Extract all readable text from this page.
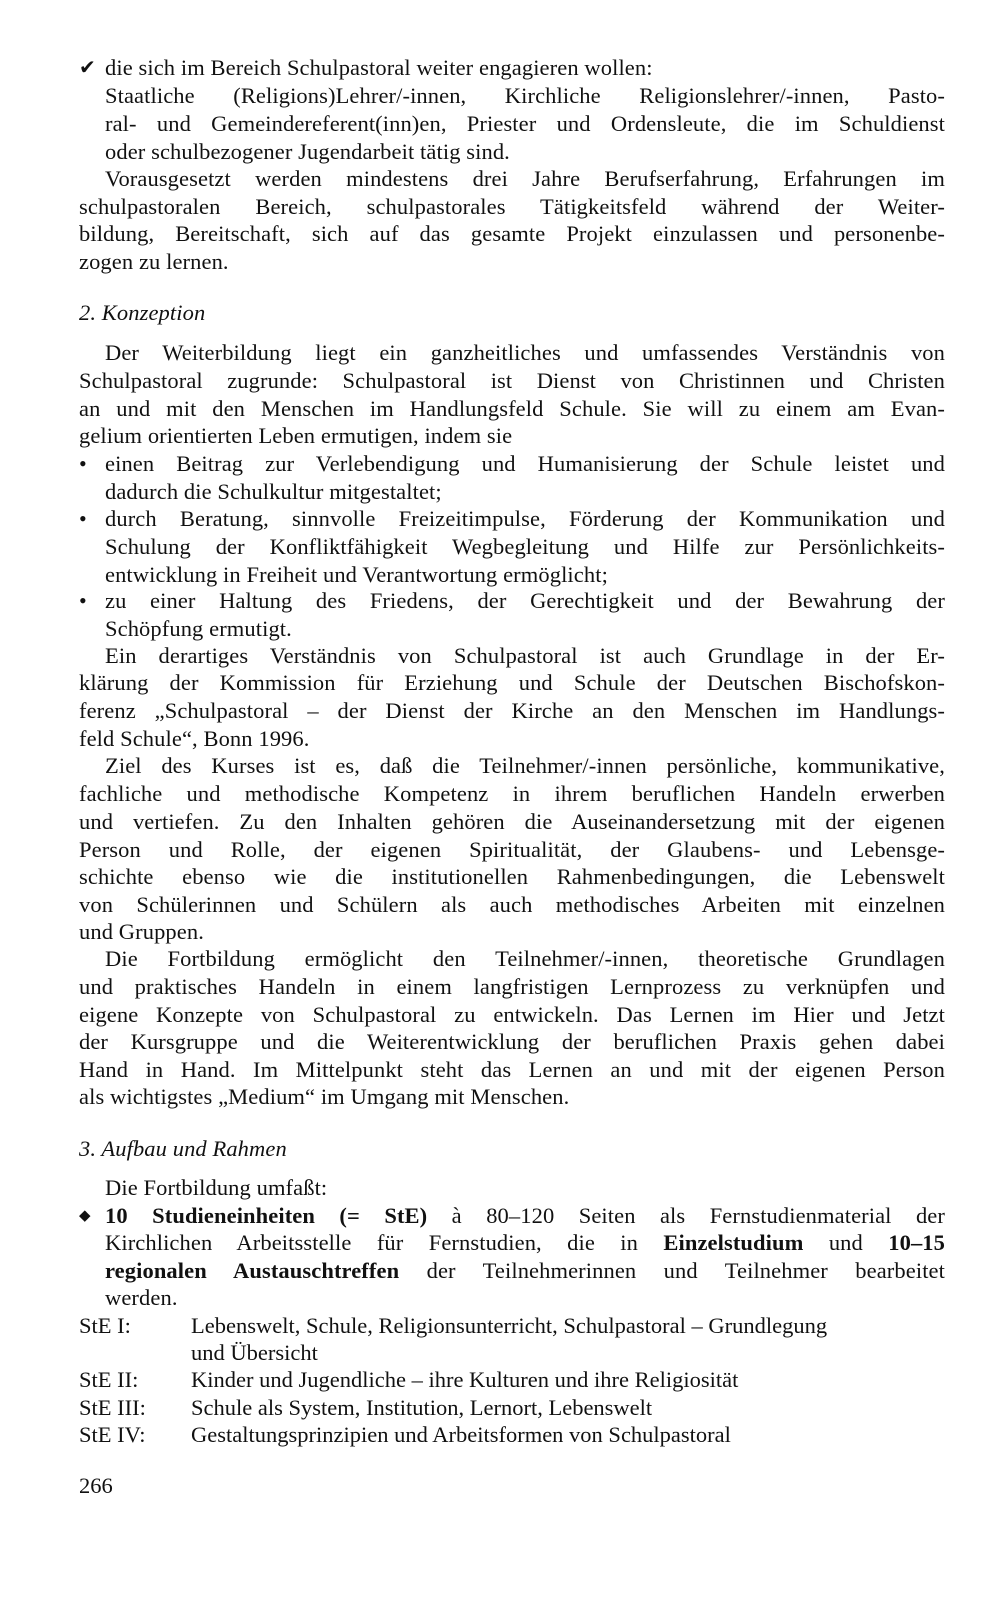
✔ die sich im Bereich Schulpastoral weiter engagieren wollen:
Staatliche (Religions)Lehrer/-innen, Kirchliche Religionslehrer/-innen, Pasto-
ral- und Gemeindereferent(inn)en, Priester und Ordensleute, die im Schuldienst
oder schulbezogener Jugendarbeit tätig sind.
Vorausgesetzt werden mindestens drei Jahre Berufserfahrung, Erfahrungen im
schulpastoralen Bereich, schulpastorales Tätigkeitsfeld während der Weiter-
bildung, Bereitschaft, sich auf das gesamte Projekt einzulassen und personenbe-
zogen zu lernen.
2. Konzeption
Der Weiterbildung liegt ein ganzheitliches und umfassendes Verständnis von
Schulpastoral zugrunde: Schulpastoral ist Dienst von Christinnen und Christen
an und mit den Menschen im Handlungsfeld Schule. Sie will zu einem am Evan-
gelium orientierten Leben ermutigen, indem sie
• einen Beitrag zur Verlebendigung und Humanisierung der Schule leistet und
dadurch die Schulkultur mitgestaltet;
• durch Beratung, sinnvolle Freizeitimpulse, Förderung der Kommunikation und
Schulung der Konfliktfähigkeit Wegbegleitung und Hilfe zur Persönlichkeits-
entwicklung in Freiheit und Verantwortung ermöglicht;
• zu einer Haltung des Friedens, der Gerechtigkeit und der Bewahrung der
Schöpfung ermutigt.
Ein derartiges Verständnis von Schulpastoral ist auch Grundlage in der Er-
klärung der Kommission für Erziehung und Schule der Deutschen Bischofskon-
ferenz „Schulpastoral – der Dienst der Kirche an den Menschen im Handlungs-
feld Schule“, Bonn 1996.
Ziel des Kurses ist es, daß die Teilnehmer/-innen persönliche, kommunikative,
fachliche und methodische Kompetenz in ihrem beruflichen Handeln erwerben
und vertiefen. Zu den Inhalten gehören die Auseinandersetzung mit der eigenen
Person und Rolle, der eigenen Spiritualität, der Glaubens- und Lebensge-
schichte ebenso wie die institutionellen Rahmenbedingungen, die Lebenswelt
von Schülerinnen und Schülern als auch methodisches Arbeiten mit einzelnen
und Gruppen.
Die Fortbildung ermöglicht den Teilnehmer/-innen, theoretische Grundlagen
und praktisches Handeln in einem langfristigen Lernprozess zu verknüpfen und
eigene Konzepte von Schulpastoral zu entwickeln. Das Lernen im Hier und Jetzt
der Kursgruppe und die Weiterentwicklung der beruflichen Praxis gehen dabei
Hand in Hand. Im Mittelpunkt steht das Lernen an und mit der eigenen Person
als wichtigstes „Medium“ im Umgang mit Menschen.
3. Aufbau und Rahmen
Die Fortbildung umfaßt:
◆ 10 Studieneinheiten (= StE) à 80–120 Seiten als Fernstudienmaterial der
Kirchlichen Arbeitsstelle für Fernstudien, die in Einzelstudium und 10–15
regionalen Austauschtreffen der Teilnehmerinnen und Teilnehmer bearbeitet
werden.
StE I:	Lebenswelt, Schule, Religionsunterricht, Schulpastoral – Grundlegung
und Übersicht
StE II: Kinder und Jugendliche – ihre Kulturen und ihre Religiosität
StE III: Schule als System, Institution, Lernort, Lebenswelt
StE IV: Gestaltungsprinzipien und Arbeitsformen von Schulpastoral
266
